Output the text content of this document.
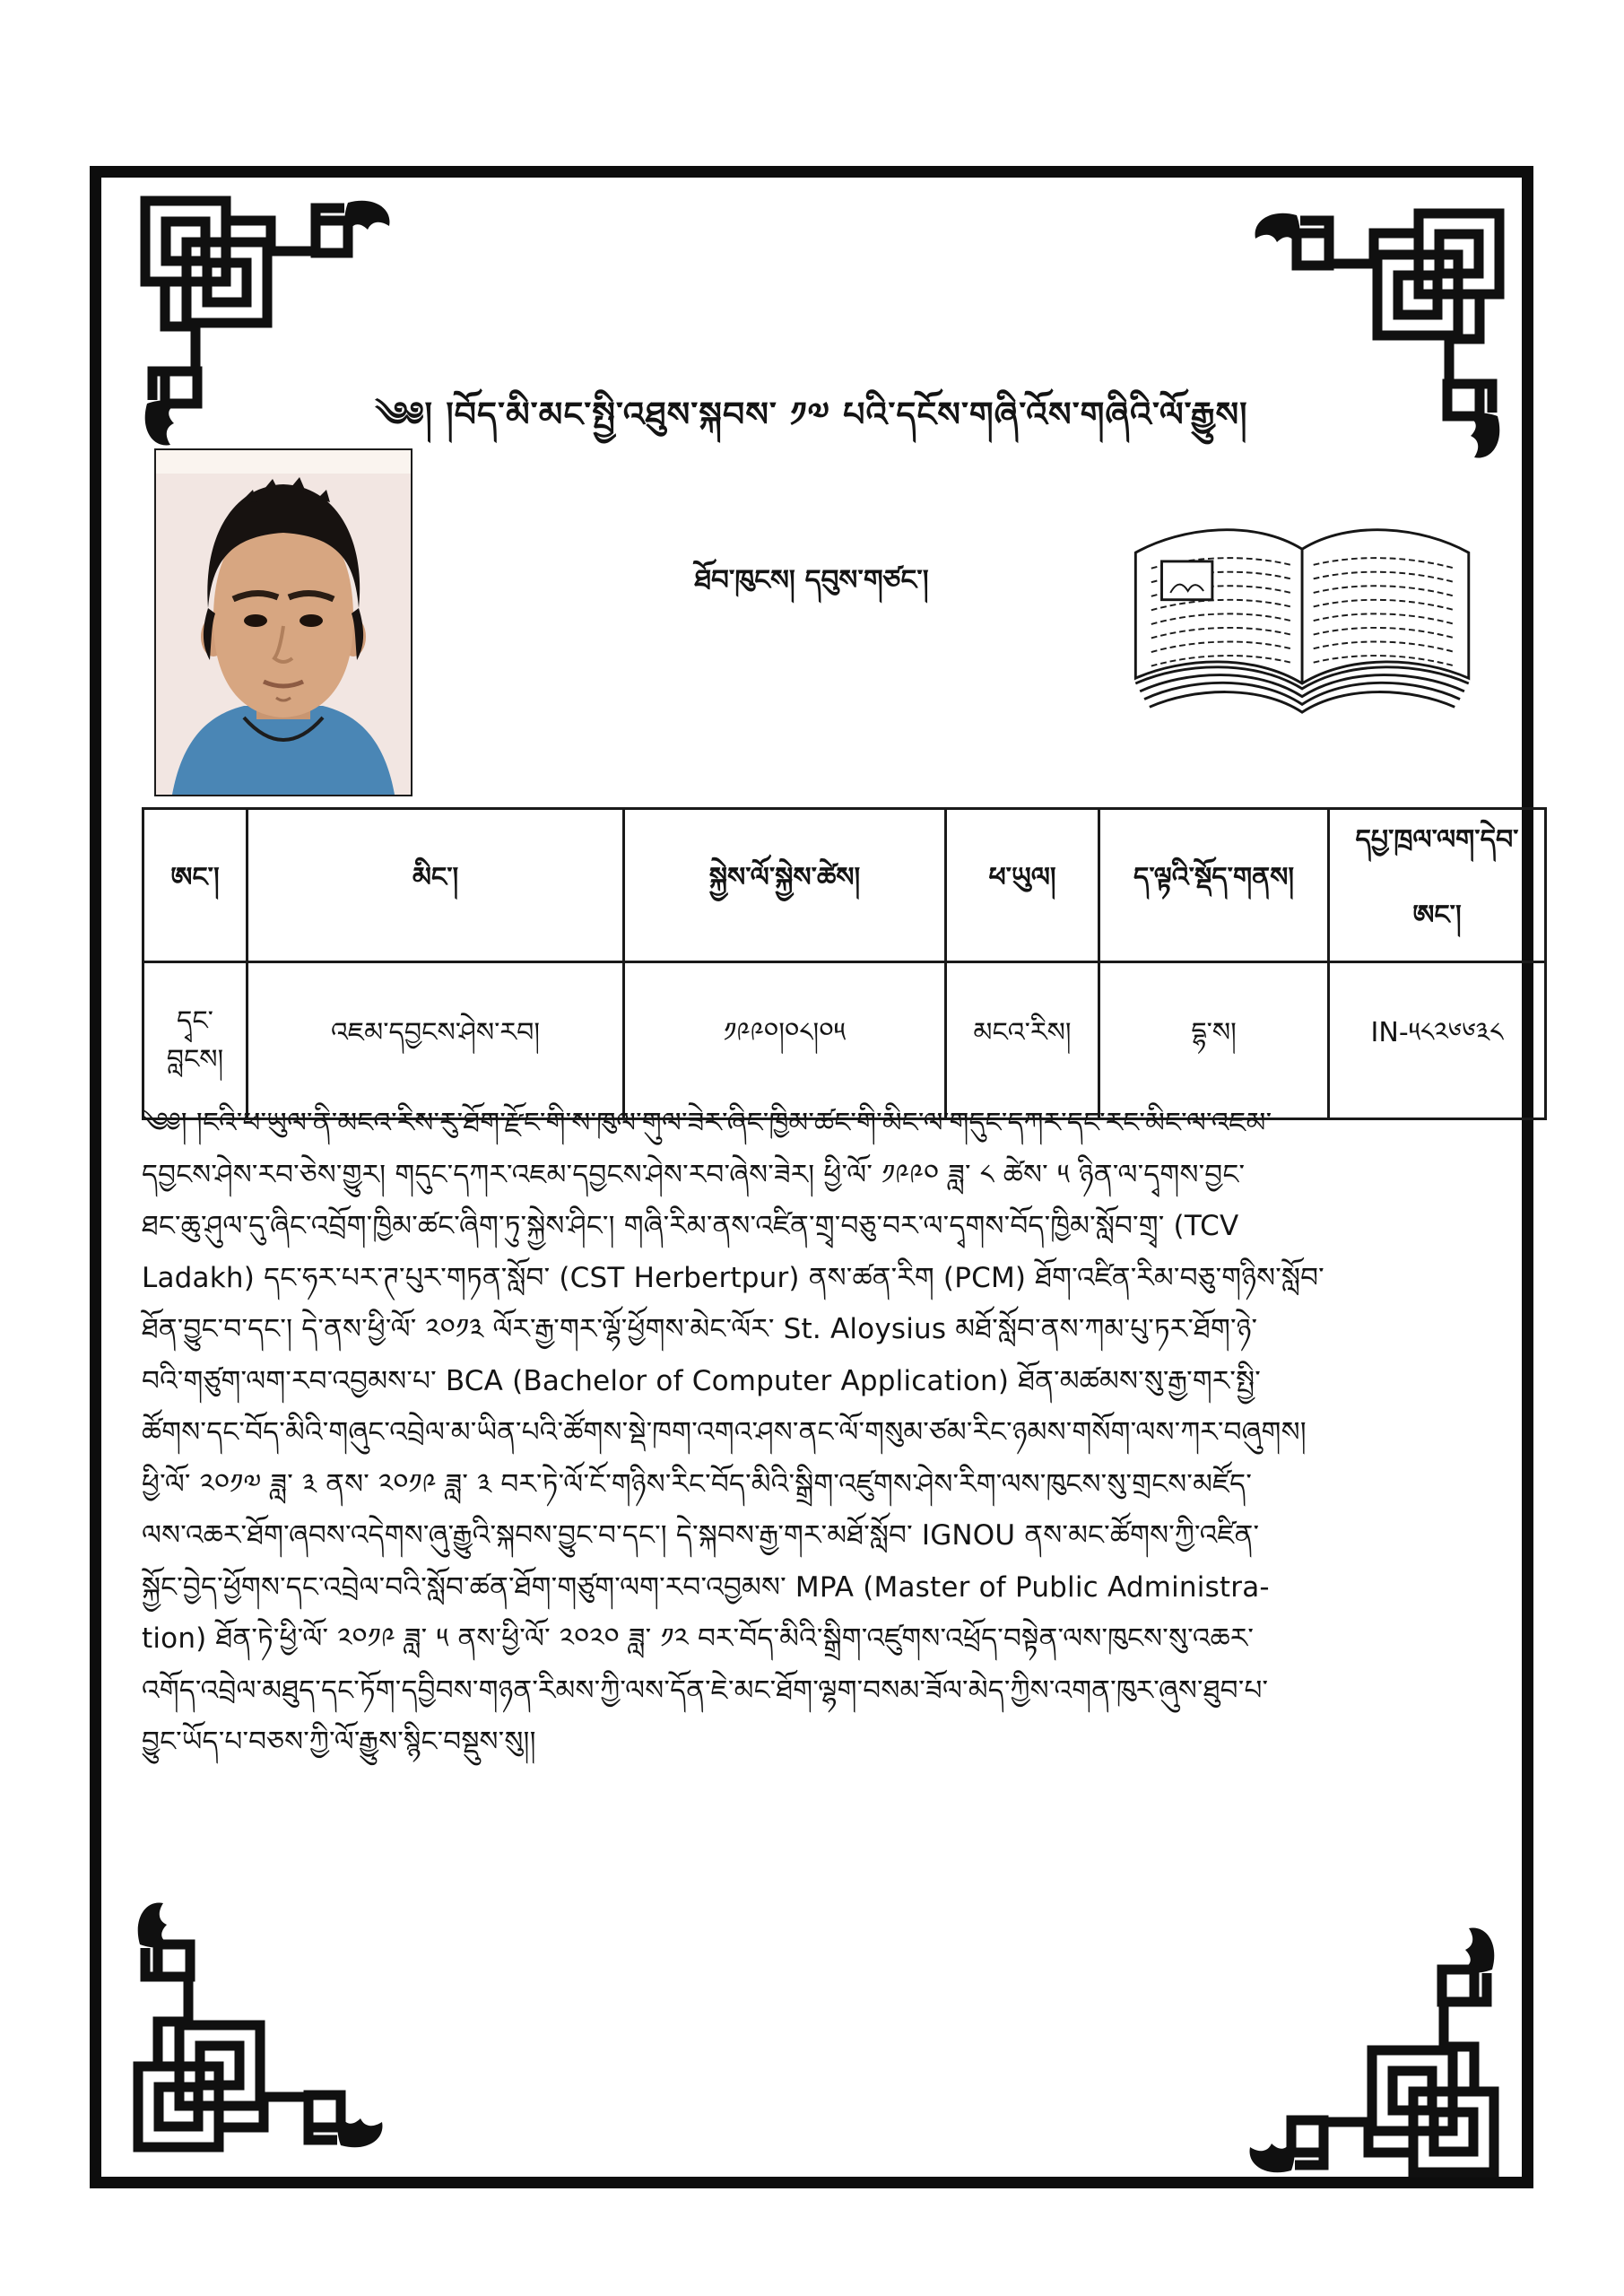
༄༅། །བོད་མི་མང་སྤྱི་འཐུས་སྐབས་ ༡༧ པའི་དངོས་གཞི་འོས་གཞིའི་ལོ་རྒྱུས།
ཐོབ་ཁུངས། དབུས་གཙང་།
ཨང་།	མིང་།	སྐྱེས་ལོ་སྐྱེས་ཚེས།	ཕ་ཡུལ།	ད་ལྟའི་སྡོད་གནས།	དཔྱ་ཁྲལ་ལག་དེབ་ཨང་།

དྭང་
བླངས།	འཇམ་དབྱངས་ཤེས་རབ།	༡༩༩༠།༠༨།༠༥	མངའ་རིས།	དྷ་ས།	IN-༥༨༢༦༦༣༨
༄༅། །ངའི་ཕ་ཡུལ་ནི་མངའ་རིས་རུ་ཐོག་རྫོང་གི་ས་ཁུལ་གུལ་ཟེར་ཞིང་ཁྱིམ་ཚང་གི་མིང་ལ་གདུང་དཀར་དང་རང་མིང་ལ་འཇམ་
དབྱངས་ཤེས་རབ་ཅེས་གྱུར། གདུང་དཀར་འཇམ་དབྱངས་ཤེས་རབ་ཞེས་ཟེར། ཕྱི་ལོ་ ༡༩༩༠ ཟླ་ ༨ ཚེས་ ༥ ཉིན་ལ་དྭགས་བྱང་
ཐང་ཆུ་ཤུལ་དུ་ཞིང་འབྲོག་ཁྱིམ་ཚང་ཞིག་ཏུ་སྐྱེས་ཤིང་། གཞི་རིམ་ནས་འཛིན་གྲྭ་བཅུ་བར་ལ་དྭགས་བོད་ཁྱིམ་སློབ་གྲྭ་ (TCV
Ladakh) དང་ཧར་པར་ཊ་པུར་གཏན་སློབ་ (CST Herbertpur) ནས་ཚན་རིག (PCM) ཐོག་འཛིན་རིམ་བཅུ་གཉིས་སློབ་
ཐོན་བྱུང་བ་དང་། དེ་ནས་ཕྱི་ལོ་ ༢༠༡༣ ལོར་རྒྱ་གར་ལྷོ་ཕྱོགས་མེང་ལོར་ St. Aloysius མཐོ་སློབ་ནས་ཀམ་པུ་ཏར་ཐོག་ཉེ་
བའི་གཙུག་ལག་རབ་འབྱམས་པ་ BCA (Bachelor of Computer Application) ཐོན་མཚམས་སུ་རྒྱ་གར་སྤྱི་
ཚོགས་དང་བོད་མིའི་གཞུང་འབྲེལ་མ་ཡིན་པའི་ཚོགས་སྡེ་ཁག་འགའ་ཤས་ནང་ལོ་གསུམ་ཙམ་རིང་ཉམས་གསོག་ལས་ཀར་བཞུགས།
ཕྱི་ལོ་ ༢༠༡༧ ཟླ་ ༣ ནས་ ༢༠༡༩ ཟླ་ ༣ བར་ཏེ་ལོ་ངོ་གཉིས་རིང་བོད་མིའི་སྒྲིག་འཛུགས་ཤེས་རིག་ལས་ཁུངས་སུ་གྲངས་མཛོད་
ལས་འཆར་ཐོག་ཞབས་འདེགས་ཞུ་རྒྱུའི་སྐབས་བྱུང་བ་དང་། དེ་སྐབས་རྒྱ་གར་མཐོ་སློབ་ IGNOU ནས་མང་ཚོགས་ཀྱི་འཛིན་
སྐྱོང་བྱེད་ཕྱོགས་དང་འབྲེལ་བའི་སློབ་ཚན་ཐོག་གཙུག་ལག་རབ་འབྱམས་ MPA (Master of Public Administra-
tion) ཐོན་ཏེ་ཕྱི་ལོ་ ༢༠༡༩ ཟླ་ ༥ ནས་ཕྱི་ལོ་ ༢༠༢༠ ཟླ་ ༡༢ བར་བོད་མིའི་སྒྲིག་འཛུགས་འཕྲོད་བསྟེན་ལས་ཁུངས་སུ་འཆར་
འགོད་འབྲེལ་མཐུད་དང་ཏོག་དབྱིབས་གཉན་རིམས་ཀྱི་ལས་དོན་ཇེ་མང་ཐོག་ལྷག་བསམ་ཟོལ་མེད་ཀྱིས་འགན་ཁུར་ཞུས་ཐུབ་པ་
བྱུང་ཡོད་པ་བཅས་ཀྱི་ལོ་རྒྱུས་སྙིང་བསྡུས་སུ།།
